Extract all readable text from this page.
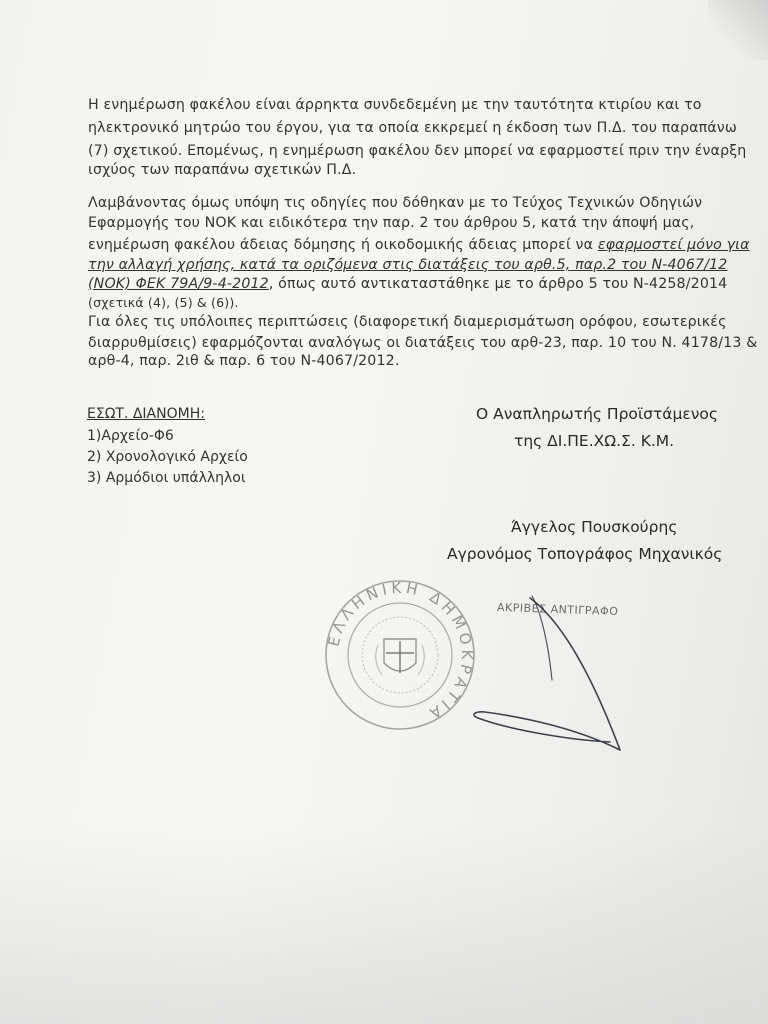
Η ενημέρωση φακέλου είναι άρρηκτα συνδεδεμένη με την ταυτότητα κτιρίου και το
ηλεκτρονικό μητρώο του έργου, για τα οποία εκκρεμεί η έκδοση των Π.Δ. του παραπάνω
(7) σχετικού. Επομένως, η ενημέρωση φακέλου δεν μπορεί να εφαρμοστεί πριν την έναρξη
ισχύος των παραπάνω σχετικών Π.Δ.
Λαμβάνοντας όμως υπόψη τις οδηγίες που δόθηκαν με το Τεύχος Τεχνικών Οδηγιών
Εφαρμογής του ΝΟΚ και ειδικότερα την παρ. 2 του άρθρου 5, κατά την άποψή μας,
ενημέρωση φακέλου άδειας δόμησης ή οικοδομικής άδειας μπορεί να εφαρμοστεί μόνο για
την αλλαγή χρήσης, κατά τα οριζόμενα στις διατάξεις του αρθ.5, παρ.2 του Ν-4067/12
(ΝΟΚ) ΦΕΚ 79Α/9-4-2012, όπως αυτό αντικαταστάθηκε με το άρθρο 5 του Ν-4258/2014
(σχετικά (4), (5) & (6)).
Για όλες τις υπόλοιπες περιπτώσεις (διαφορετική διαμερισμάτωση ορόφου, εσωτερικές
διαρρυθμίσεις) εφαρμόζονται αναλόγως οι διατάξεις του αρθ-23, παρ. 10 του Ν. 4178/13 &
αρθ-4, παρ. 2ιθ & παρ. 6 του Ν-4067/2012.
ΕΣΩΤ. ΔΙΑΝΟΜΗ:
1)Αρχείο-Φ6
2) Χρονολογικό Αρχείο
3) Αρμόδιοι υπάλληλοι
Ο Αναπληρωτής Προϊστάμενος
της ΔΙ.ΠΕ.ΧΩ.Σ. Κ.Μ.
Άγγελος Πουσκούρης
Αγρονόμος Τοπογράφος Μηχανικός
ΑΚΡΙΒΕΣ ΑΝΤΙΓΡΑΦΟ
ΕΛΛΗΝΙΚΗ ΔΗΜΟΚΡΑΤΙΑ
